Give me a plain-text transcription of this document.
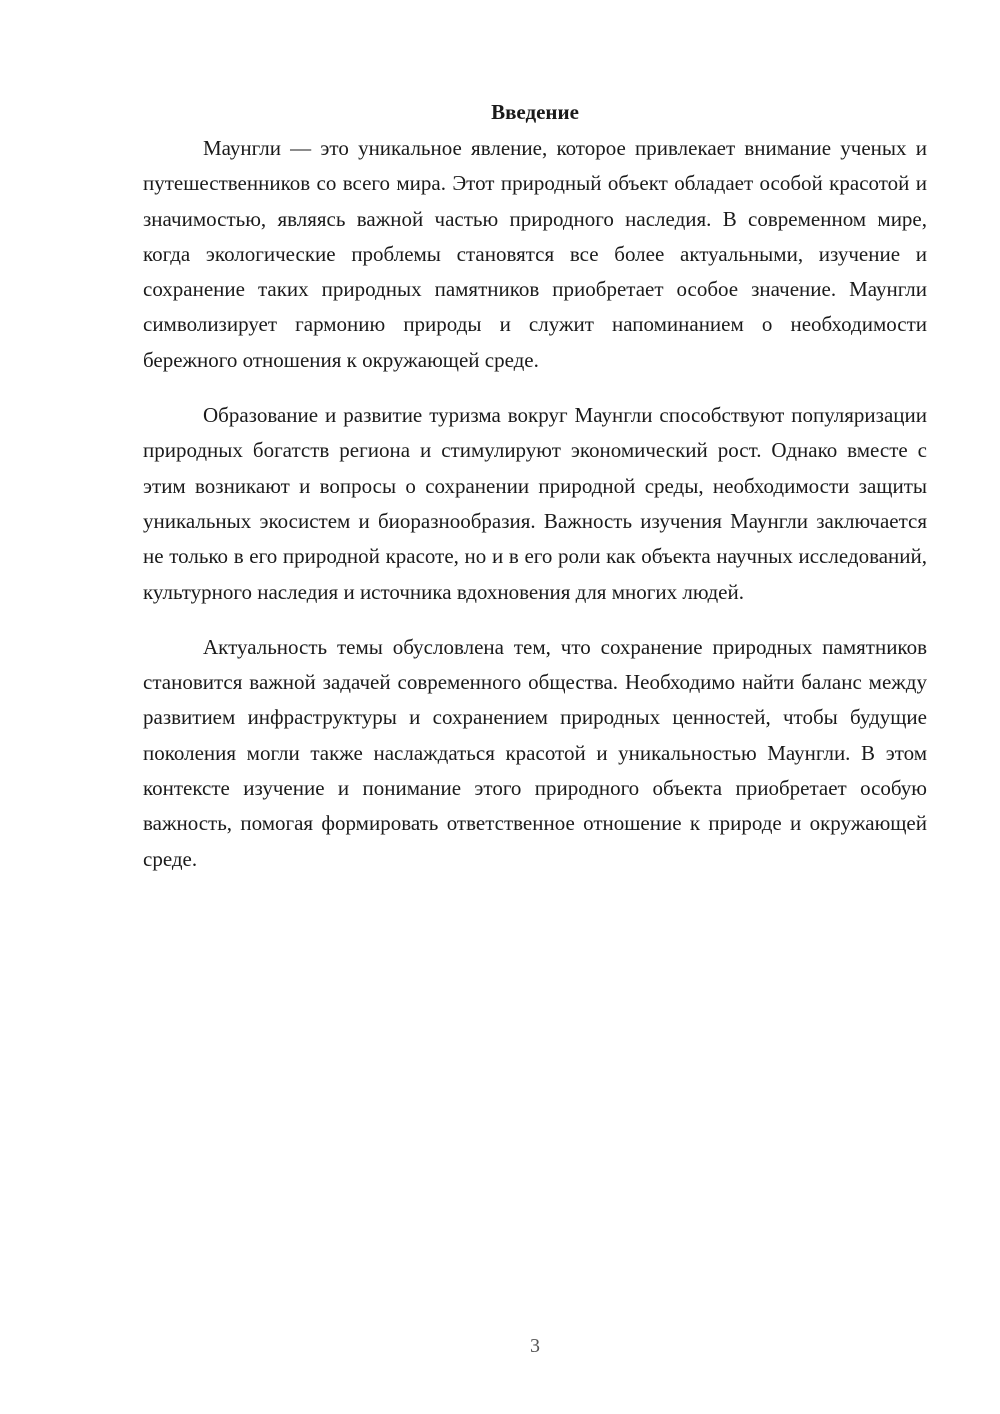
Введение

Маунгли — это уникальное явление, которое привлекает внимание ученых и путешественников со всего мира. Этот природный объект обладает особой красотой и значимостью, являясь важной частью природного наследия. В современном мире, когда экологические проблемы становятся все более актуальными, изучение и сохранение таких природных памятников приобретает особое значение. Маунгли символизирует гармонию природы и служит напоминанием о необходимости бережного отношения к окружающей среде.

Образование и развитие туризма вокруг Маунгли способствуют популяризации природных богатств региона и стимулируют экономический рост. Однако вместе с этим возникают и вопросы о сохранении природной среды, необходимости защиты уникальных экосистем и биоразнообразия. Важность изучения Маунгли заключается не только в его природной красоте, но и в его роли как объекта научных исследований, культурного наследия и источника вдохновения для многих людей.

Актуальность темы обусловлена тем, что сохранение природных памятников становится важной задачей современного общества. Необходимо найти баланс между развитием инфраструктуры и сохранением природных ценностей, чтобы будущие поколения могли также наслаждаться красотой и уникальностью Маунгли. В этом контексте изучение и понимание этого природного объекта приобретает особую важность, помогая формировать ответственное отношение к природе и окружающей среде.

3
